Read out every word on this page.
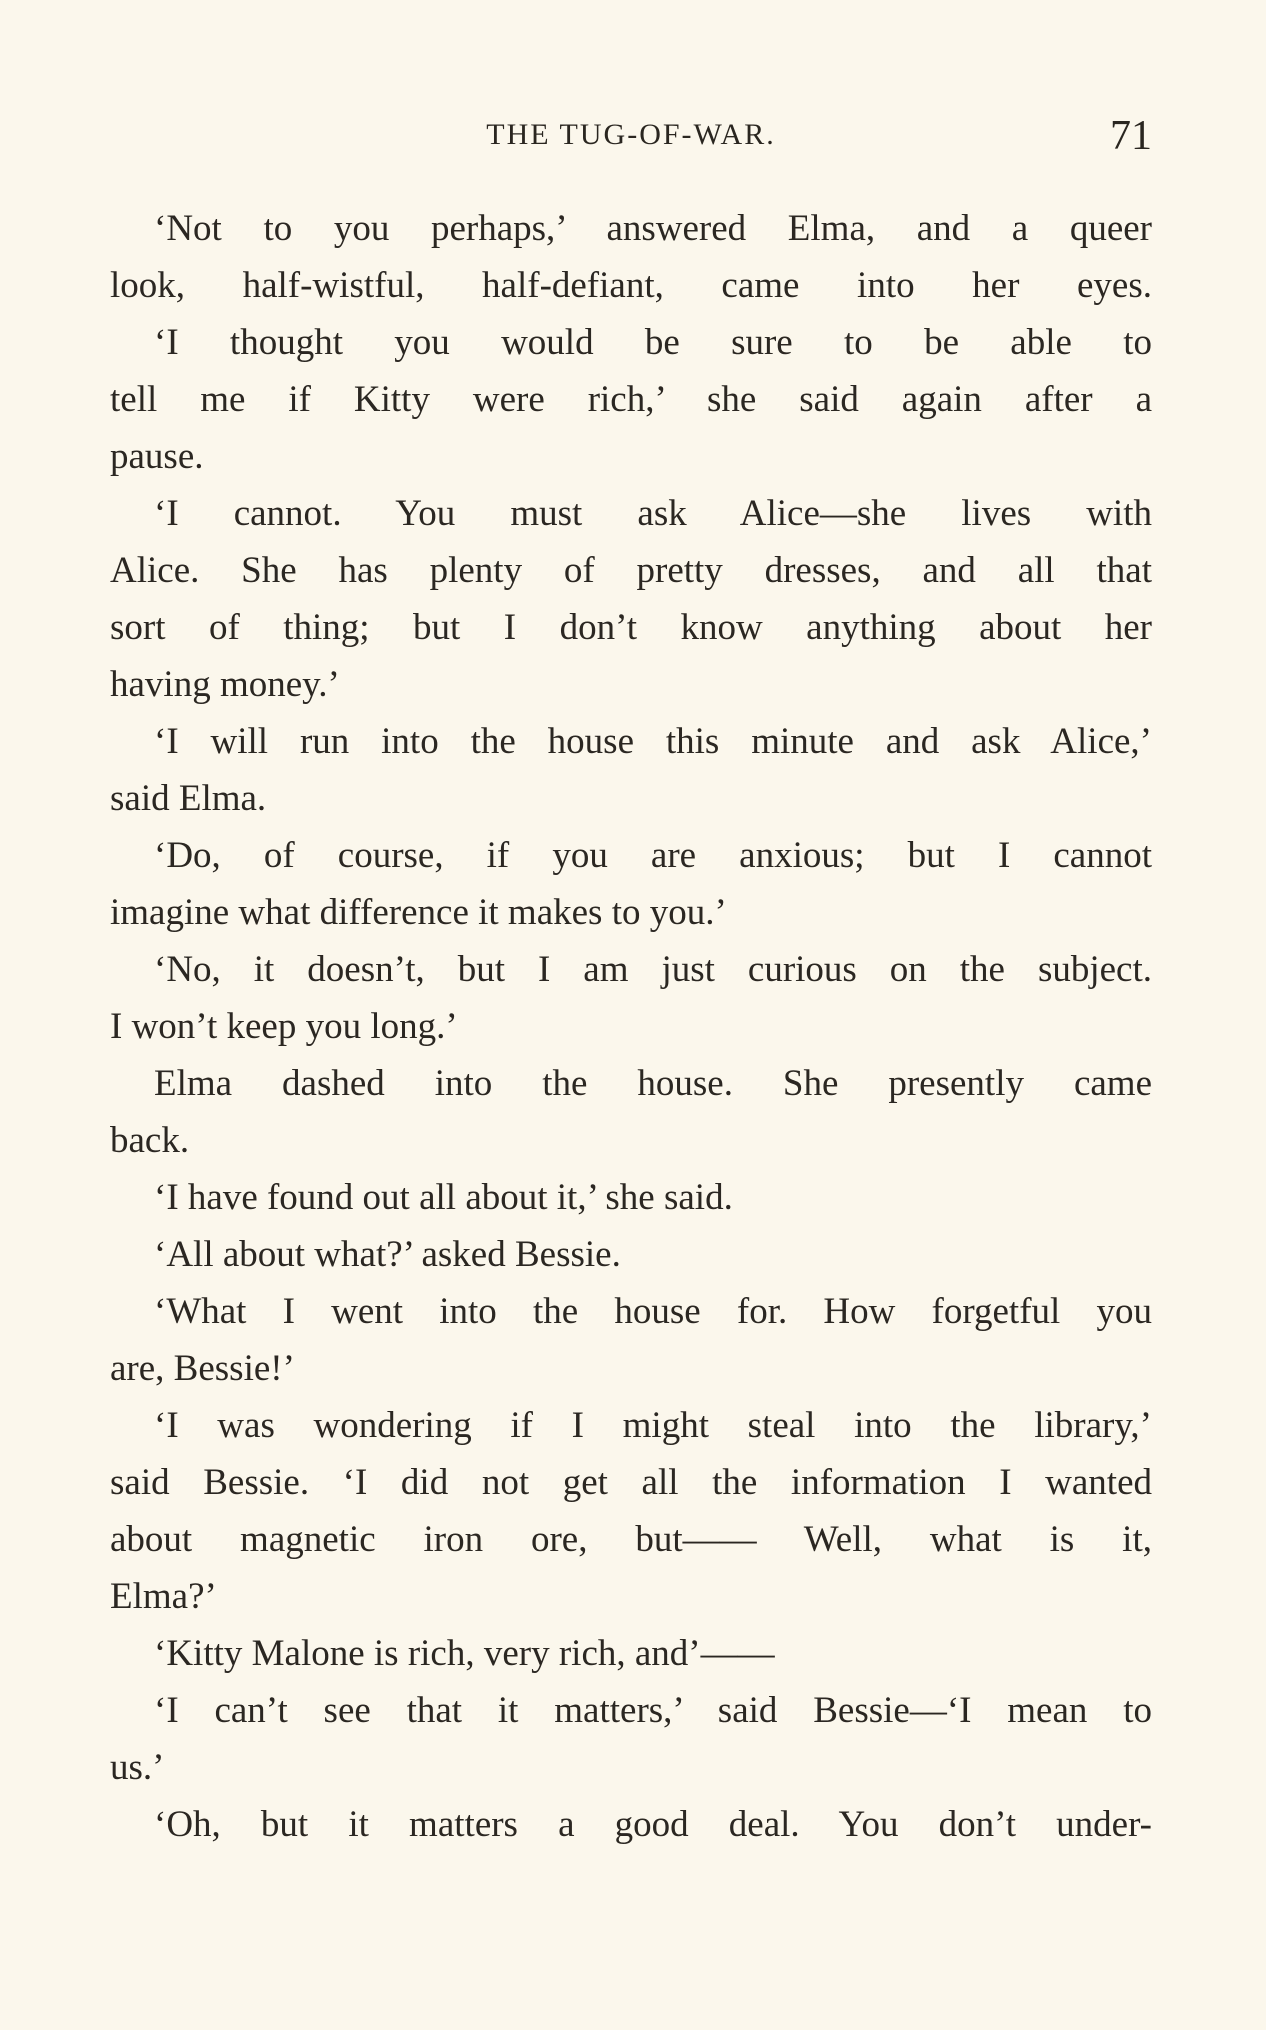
THE TUG-OF-WAR.	71
‘Not to you perhaps,’ answered Elma, and a queer
look, half-wistful, half-defiant, came into her eyes.
‘I thought you would be sure to be able to
tell me if Kitty were rich,’ she said again after a
pause.
‘I cannot. You must ask Alice—she lives with
Alice. She has plenty of pretty dresses, and all that
sort of thing; but I don’t know anything about her
having money.’
‘I will run into the house this minute and ask Alice,’
said Elma.
‘Do, of course, if you are anxious; but I cannot
imagine what difference it makes to you.’
‘No, it doesn’t, but I am just curious on the subject.
I won’t keep you long.’
Elma dashed into the house. She presently came
back.
‘I have found out all about it,’ she said.
‘All about what?’ asked Bessie.
‘What I went into the house for. How forgetful you
are, Bessie!’
‘I was wondering if I might steal into the library,’
said Bessie. ‘I did not get all the information I wanted
about magnetic iron ore, but—— Well, what is it,
Elma?’
‘Kitty Malone is rich, very rich, and’——
‘I can’t see that it matters,’ said Bessie—‘I mean to
us.’
‘Oh, but it matters a good deal. You don’t under-
